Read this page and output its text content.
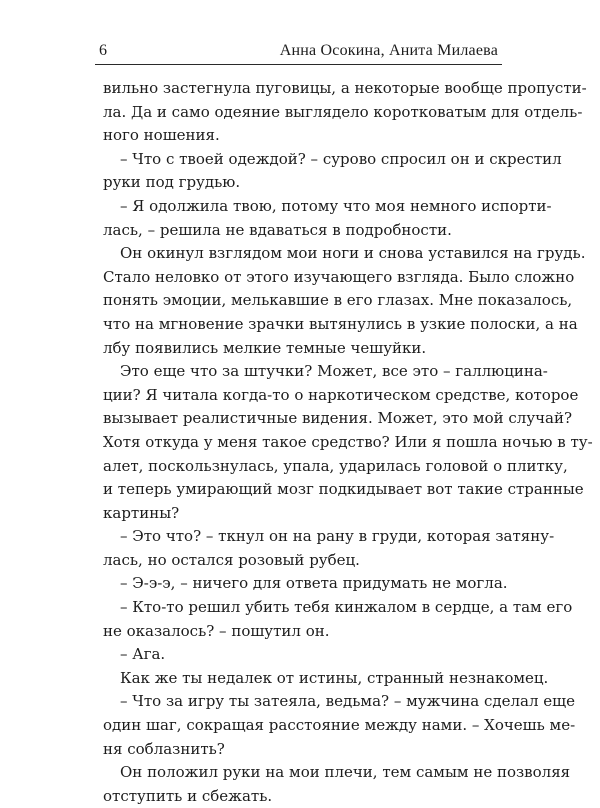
6	Анна Осокина, Анита Милаева
вильно застегнула пуговицы, а некоторые вообще пропусти-
ла. Да и само одеяние выглядело коротковатым для отдель-
ного ношения.
– Что с твоей одеждой? – сурово спросил он и скрестил
руки под грудью.
– Я одолжила твою, потому что моя немного испорти-
лась, – решила не вдаваться в подробности.
Он окинул взглядом мои ноги и снова уставился на грудь.
Стало неловко от этого изучающего взгляда. Было сложно
понять эмоции, мелькавшие в его глазах. Мне показалось,
что на мгновение зрачки вытянулись в узкие полоски, а на
лбу появились мелкие темные чешуйки.
Это еще что за штучки? Может, все это – галлюцина-
ции? Я читала когда-то о наркотическом средстве, которое
вызывает реалистичные видения. Может, это мой случай?
Хотя откуда у меня такое средство? Или я пошла ночью в ту-
алет, поскользнулась, упала, ударилась головой о плитку,
и теперь умирающий мозг подкидывает вот такие странные
картины?
– Это что? – ткнул он на рану в груди, которая затяну-
лась, но остался розовый рубец.
– Э-э-э, – ничего для ответа придумать не могла.
– Кто-то решил убить тебя кинжалом в сердце, а там его
не оказалось? – пошутил он.
– Ага.
Как же ты недалек от истины, странный незнакомец.
– Что за игру ты затеяла, ведьма? – мужчина сделал еще
один шаг, сокращая расстояние между нами. – Хочешь ме-
ня соблазнить?
Он положил руки на мои плечи, тем самым не позволяя
отступить и сбежать.
